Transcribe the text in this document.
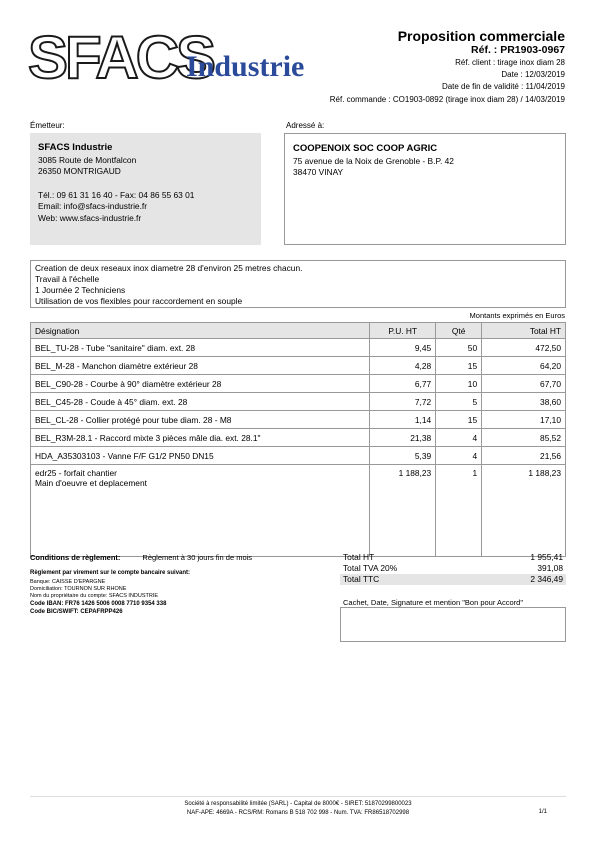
SFACS
Industrie
Proposition commerciale
Réf. : PR1903-0967
Réf. client : tirage inox diam 28
Date : 12/03/2019
Date de fin de validité : 11/04/2019
Réf. commande : CO1903-0892 (tirage inox diam 28) / 14/03/2019
Émetteur:
SFACS Industrie
3085 Route de Montfalcon
26350 MONTRIGAUD
Tél.: 09 61 31 16 40 - Fax: 04 86 55 63 01
Email: info@sfacs-industrie.fr
Web: www.sfacs-industrie.fr
Adressé à:
COOPENOIX SOC COOP AGRIC
75 avenue de la Noix de Grenoble - B.P. 42
38470 VINAY
Creation de deux reseaux inox diametre 28 d'environ 25 metres chacun.
Travail à l'échelle
1 Journée 2 Techniciens
Utilisation de vos flexibles pour raccordement en souple
Montants exprimés en Euros
Désignation	P.U. HT	Qté	Total HT
BEL_TU-28 - Tube "sanitaire" diam. ext. 28	9,45	50	472,50
BEL_M-28 - Manchon diamètre extérieur 28	4,28	15	64,20
BEL_C90-28 - Courbe à 90° diamètre extérieur 28	6,77	10	67,70
BEL_C45-28 - Coude à 45° diam. ext. 28	7,72	5	38,60
BEL_CL-28 - Collier protégé pour tube diam. 28 - M8	1,14	15	17,10
BEL_R3M-28.1 - Raccord mixte 3 pièces mâle dia. ext. 28.1"	21,38	4	85,52
HDA_A35303103 - Vanne F/F G1/2 PN50 DN15	5,39	4	21,56

edr25 - forfait chantier
Main d'oeuvre et deplacement	1 188,23	1	1 188,23
Conditions de règlement:	Règlement à 30 jours fin de mois
Règlement par virement sur le compte bancaire suivant:
Banque: CAISSE D'EPARGNE
Domiciliation: TOURNON SUR RHONE
Nom du propriétaire du compte: SFACS INDUSTRIE
Code IBAN: FR76 1426 5006 0008 7710 9354 338
Code BIC/SWIFT: CEPAFRPP426
Total HT	1 955,41
Total TVA 20%	391,08
Total TTC	2 346,49
Cachet, Date, Signature et mention "Bon pour Accord"
Société à responsabilité limitée (SARL) - Capital de 8000€ - SIRET: 51870299800023
NAF-APE: 4669A - RCS/RM: Romans B 518 702 998 - Num. TVA: FR86518702998	1/1
